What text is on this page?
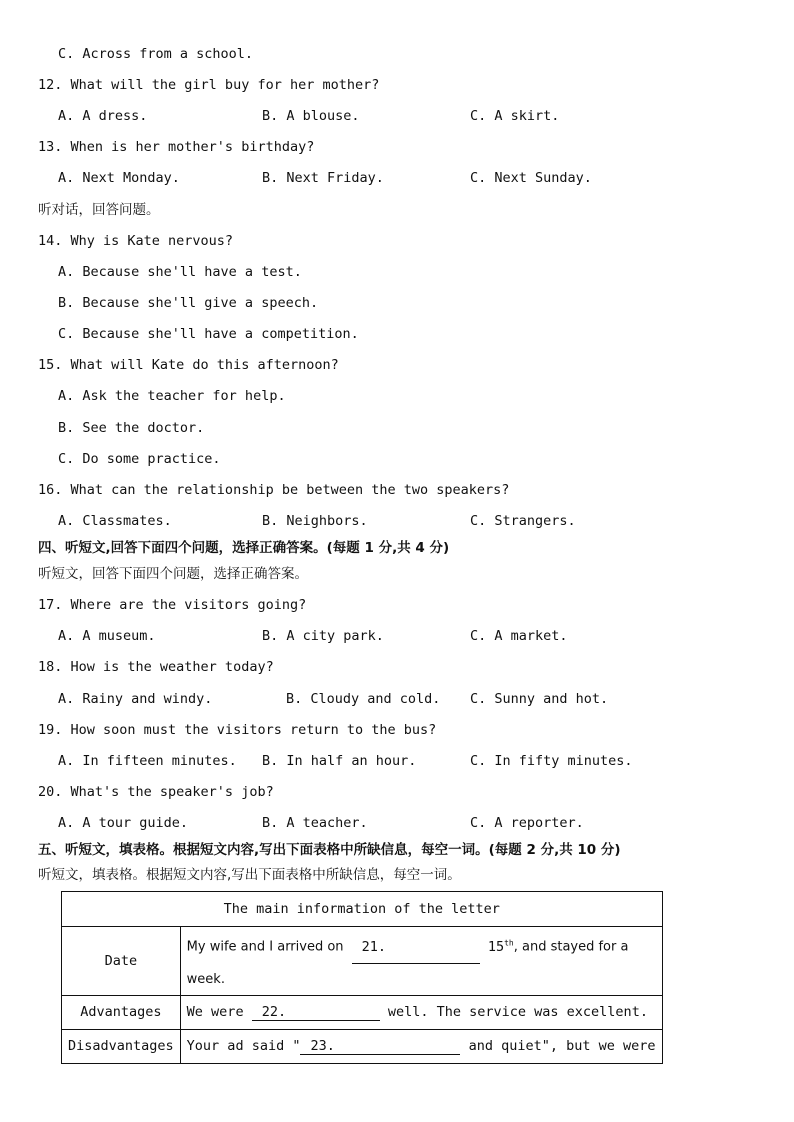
C. Across from a school.
12. What will the girl buy for her mother?
A. A dress.	B. A blouse.	C. A skirt.
13. When is her mother's birthday?
A. Next Monday.	B. Next Friday.	C. Next Sunday.
听对话，回答问题。
14. Why is Kate nervous?
A. Because she'll have a test.
B. Because she'll give a speech.
C. Because she'll have a competition.
15. What will Kate do this afternoon?
A. Ask the teacher for help.
B. See the doctor.
C. Do some practice.
16. What can the relationship be between the two speakers?
A. Classmates.	B. Neighbors.	C. Strangers.
四、听短文,回答下面四个问题，选择正确答案。(每题 1 分,共 4 分)
听短文，回答下面四个问题，选择正确答案。
17. Where are the visitors going?
A. A museum.	B. A city park.	C. A market.
18. How is the weather today?
A. Rainy and windy.	B. Cloudy and cold. C. Sunny and hot.
19. How soon must the visitors return to the bus?
A. In fifteen minutes. B. In half an hour.	C. In fifty minutes.
20. What's the speaker's job?
A. A tour guide.	B. A teacher.	C. A reporter.
五、听短文，填表格。根据短文内容,写出下面表格中所缺信息，每空一词。(每题 2 分,共 10 分)
听短文，填表格。根据短文内容,写出下面表格中所缺信息，每空一词。
The main information of the letter	
Date	My wife and I arrived on 21. 15th, and stayed for a week.
Advantages	We were 22. well. The service was excellent.
Disadvantages	Your ad said " 23. and quiet", but we were
